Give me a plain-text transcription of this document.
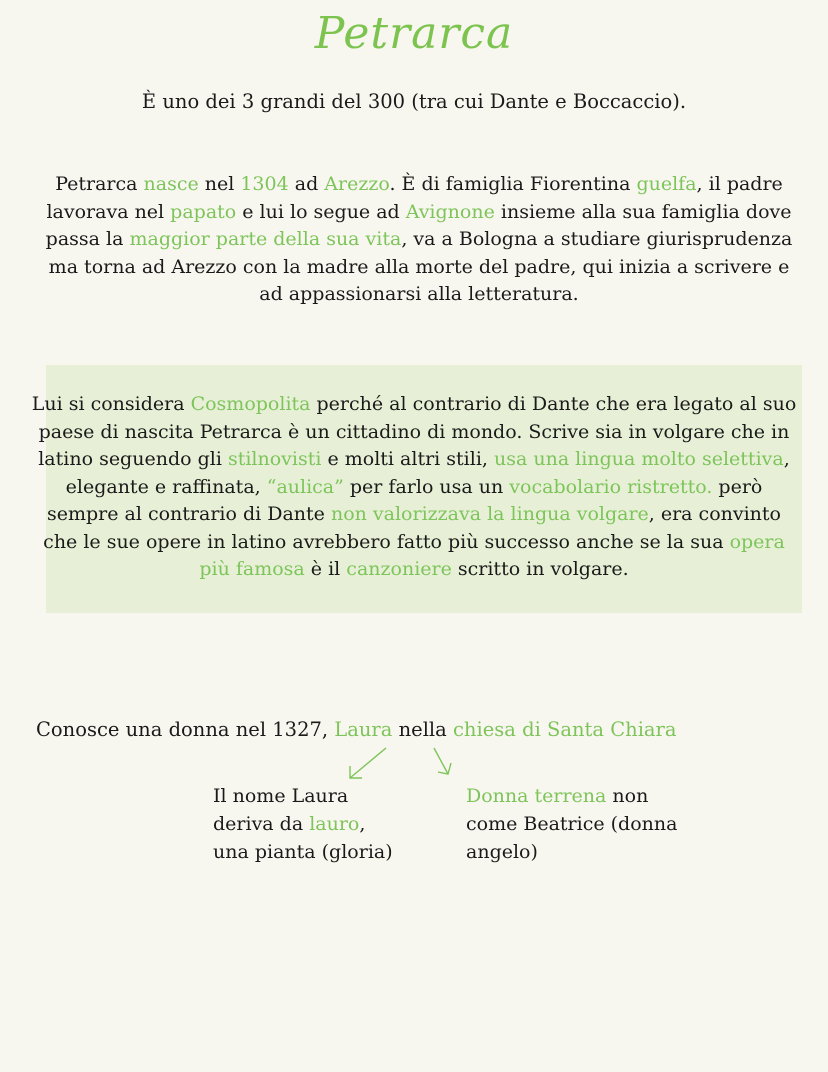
Petrarca
È uno dei 3 grandi del 300 (tra cui Dante e Boccaccio).
Petrarca nasce nel 1304 ad Arezzo. È di famiglia Fiorentina guelfa, il padre lavorava nel papato e lui lo segue ad Avignone insieme alla sua famiglia dove passa la maggior parte della sua vita, va a Bologna a studiare giurisprudenza ma torna ad Arezzo con la madre alla morte del padre, qui inizia a scrivere e ad appassionarsi alla letteratura.
Lui si considera Cosmopolita perché al contrario di Dante che era legato al suo paese di nascita Petrarca è un cittadino di mondo. Scrive sia in volgare che in latino seguendo gli stilnovisti e molti altri stili, usa una lingua molto selettiva, elegante e raffinata, “aulica” per farlo usa un vocabolario ristretto. però sempre al contrario di Dante non valorizzava la lingua volgare, era convinto che le sue opere in latino avrebbero fatto più successo anche se la sua opera più famosa è il canzoniere scritto in volgare.
Conosce una donna nel 1327, Laura nella chiesa di Santa Chiara
Il nome Laura deriva da lauro, una pianta (gloria)
Donna terrena non come Beatrice (donna angelo)
